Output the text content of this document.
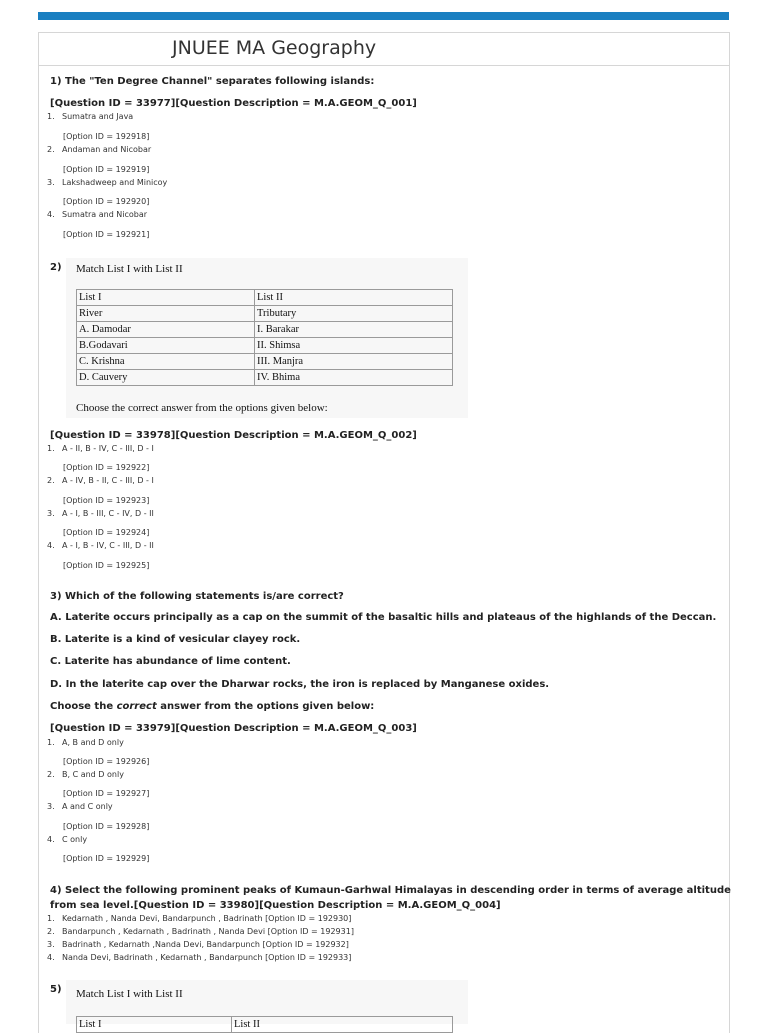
JNUEE MA Geography
1) The "Ten Degree Channel" separates following islands:
[Question ID = 33977][Question Description = M.A.GEOM_Q_001]
1. Sumatra and Java
[Option ID = 192918]
2. Andaman and Nicobar
[Option ID = 192919]
3. Lakshadweep and Minicoy
[Option ID = 192920]
4. Sumatra and Nicobar
[Option ID = 192921]
2) Match List I with List II
List I	List II
River	Tributary
A. Damodar	I. Barakar
B.Godavari	II. Shimsa
C. Krishna	III. Manjra
D. Cauvery	IV. Bhima
Choose the correct answer from the options given below:
[Question ID = 33978][Question Description = M.A.GEOM_Q_002]
1. A - II, B - IV, C - III, D - I
[Option ID = 192922]
2. A - IV, B - II, C - III, D - I
[Option ID = 192923]
3. A - I, B - III, C - IV, D - II
[Option ID = 192924]
4. A - I, B - IV, C - III, D - II
[Option ID = 192925]
3) Which of the following statements is/are correct?
A. Laterite occurs principally as a cap on the summit of the basaltic hills and plateaus of the highlands of the Deccan.
B. Laterite is a kind of vesicular clayey rock.
C. Laterite has abundance of lime content.
D. In the laterite cap over the Dharwar rocks, the iron is replaced by Manganese oxides.
Choose the correct answer from the options given below:
[Question ID = 33979][Question Description = M.A.GEOM_Q_003]
1. A, B and D only
[Option ID = 192926]
2. B, C and D only
[Option ID = 192927]
3. A and C only
[Option ID = 192928]
4. C only
[Option ID = 192929]
4) Select the following prominent peaks of Kumaun-Garhwal Himalayas in descending order in terms of average altitude
from sea level.[Question ID = 33980][Question Description = M.A.GEOM_Q_004]
1. Kedarnath , Nanda Devi, Bandarpunch , Badrinath [Option ID = 192930]
2. Bandarpunch , Kedarnath , Badrinath , Nanda Devi [Option ID = 192931]
3. Badrinath , Kedarnath ,Nanda Devi, Bandarpunch [Option ID = 192932]
4. Nanda Devi, Badrinath , Kedarnath , Bandarpunch [Option ID = 192933]
5) Match List I with List II
List I	List II
